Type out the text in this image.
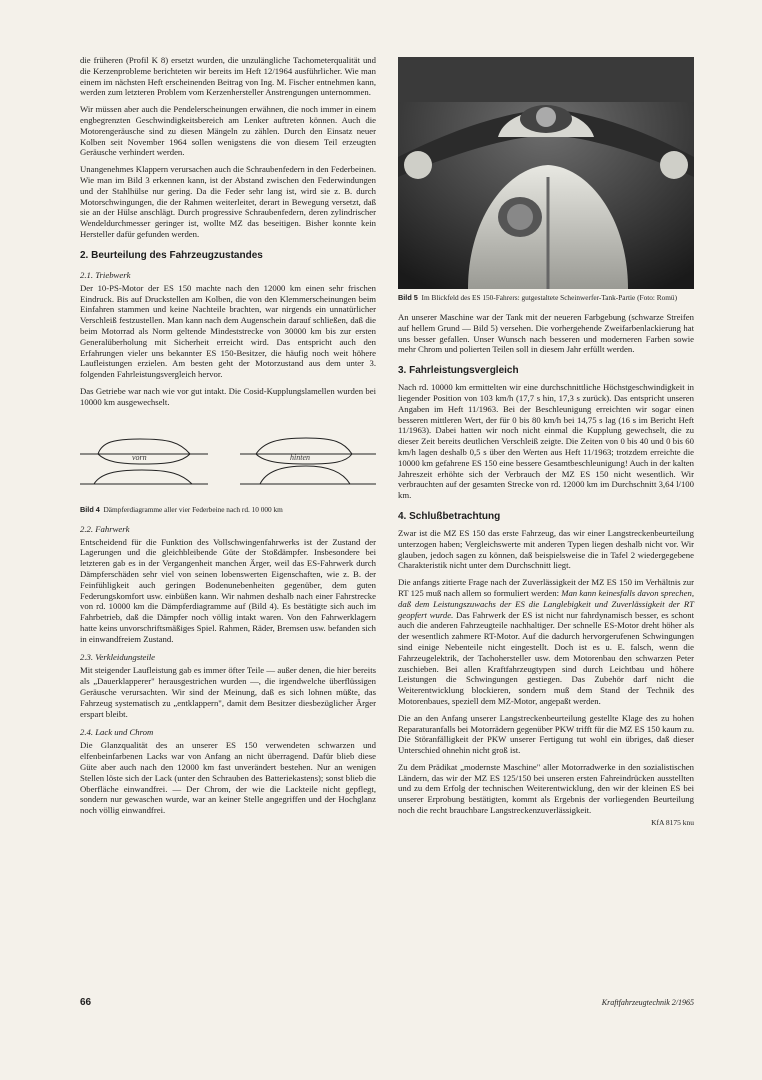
die früheren (Profil K 8) ersetzt wurden, die unzulängliche Tachometerqualität und die Kerzenprobleme berichteten wir bereits im Heft 12/1964 ausführlicher. Wie man einem im nächsten Heft erscheinenden Beitrag von Ing. M. Fischer entnehmen kann, werden zum letzteren Problem vom Kerzenhersteller Anstrengungen unternommen.

Wir müssen aber auch die Pendelerscheinungen erwähnen, die noch immer in einem engbegrenzten Geschwindigkeitsbereich am Lenker auftreten können. Auch die Motorengeräusche sind zu diesen Mängeln zu zählen. Durch den Einsatz neuer Kolben seit November 1964 sollen wenigstens die von diesem Teil erzeugten Geräusche verhindert werden.

Unangenehmes Klappern verursachen auch die Schraubenfedern in den Federbeinen. Wie man im Bild 3 erkennen kann, ist der Abstand zwischen den Federwindungen und der Stahlhülse nur gering. Da die Feder sehr lang ist, wird sie z. B. durch Motorschwingungen, die der Rahmen weiterleitet, derart in Bewegung versetzt, daß sie an der Hülse anschlägt. Durch progressive Schraubenfedern, deren zylindrischer Wendeldurchmesser geringer ist, wollte MZ das beseitigen. Bisher konnte kein Hersteller dafür gefunden werden.

2. Beurteilung des Fahrzeugzustandes
2.1. Triebwerk

Der 10-PS-Motor der ES 150 machte nach den 12000 km einen sehr frischen Eindruck. Bis auf Druckstellen am Kolben, die von den Klemmerscheinungen beim Einfahren stammen und keine Nachteile brachten, war nirgends ein unnatürlicher Verschleiß festzustellen. Man kann nach dem Augenschein darauf schließen, daß die beim Motorrad als Norm geltende Mindeststrecke von 30000 km bis zur ersten Generalüberholung mit Sicherheit erreicht wird. Das entspricht auch den Erfahrungen vieler uns bekannter ES 150-Besitzer, die häufig noch weit höhere Laufleistungen erzielen. Am besten geht der Motorzustand aus dem unter 3. folgenden Fahrleistungsvergleich hervor.

Das Getriebe war nach wie vor gut intakt. Die Cosid-Kupplungslamellen wurden bei 10000 km ausgewechselt.

vorn	hinten

Bild 4 Dämpferdiagramme aller vier Federbeine nach rd. 10 000 km

2.2. Fahrwerk

Entscheidend für die Funktion des Vollschwingenfahrwerks ist der Zustand der Lagerungen und die gleichbleibende Güte der Stoßdämpfer. Insbesondere bei letzteren gab es in der Vergangenheit manchen Ärger, weil das ES-Fahrwerk durch Dämpferschäden sehr viel von seinen lobenswerten Eigenschaften, wie z. B. der Feinfühligkeit auch geringen Bodenunebenheiten gegenüber, dem guten Federungskomfort usw. einbüßen kann. Wir nahmen deshalb nach einer Fahrstrecke von rd. 10000 km die Dämpferdiagramme auf (Bild 4). Es bestätigte sich auch im Fahrbetrieb, daß die Dämpfer noch völlig intakt waren. Von den Fahrwerklagern hatte keins unvorschriftsmäßiges Spiel. Rahmen, Räder, Bremsen usw. befanden sich in einwandfreiem Zustand.

2.3. Verkleidungsteile

Mit steigender Laufleistung gab es immer öfter Teile — außer denen, die hier bereits als „Dauerklapperer" herausgestrichen wurden —, die irgendwelche überflüssigen Geräusche verursachten. Wir sind der Meinung, daß es sich lohnen müßte, das Fahrzeug systematisch zu „entklappern", damit dem Besitzer diesbezüglicher Ärger erspart bleibt.

2.4. Lack und Chrom

Die Glanzqualität des an unserer ES 150 verwendeten schwarzen und elfenbeinfarbenen Lacks war von Anfang an nicht überragend. Dafür blieb diese Güte aber auch nach den 12000 km fast unverändert bestehen. Nur an wenigen Stellen löste sich der Lack (unter den Schrauben des Batteriekastens); sonst blieb die Oberfläche einwandfrei. — Der Chrom, der wie die Lackteile nicht gepflegt, sondern nur gewaschen wurde, war an keiner Stelle angegriffen und der Hochglanz noch völlig einwandfrei.

Bild 5 Im Blickfeld des ES 150-Fahrers: gutgestaltete Scheinwerfer-Tank-Partie (Foto: Romü)

An unserer Maschine war der Tank mit der neueren Farbgebung (schwarze Streifen auf hellem Grund — Bild 5) versehen. Die vorhergehende Zweifarbenlackierung hat uns besser gefallen. Unser Wunsch nach besseren und moderneren Farben sowie mehr Chrom und polierten Teilen soll in diesem Jahr erfüllt werden.

3. Fahrleistungsvergleich

Nach rd. 10000 km ermittelten wir eine durchschnittliche Höchstgeschwindigkeit in liegender Position von 103 km/h (17,7 s hin, 17,3 s zurück). Das entspricht unseren Angaben im Heft 11/1963. Bei der Beschleunigung erreichten wir sogar einen besseren mittleren Wert, der für 0 bis 80 km/h bei 14,75 s lag (16 s im Bericht Heft 11/1963). Dabei hatten wir noch nicht einmal die Kupplung gewechselt, die zu dieser Zeit bereits deutlichen Verschleiß zeigte. Die Zeiten von 0 bis 40 und 0 bis 60 km/h lagen deshalb 0,5 s über den Werten aus Heft 11/1963; trotzdem erreichte die 10000 km gefahrene ES 150 eine bessere Gesamtbeschleunigung! Auch in der kalten Jahreszeit erhöhte sich der Verbrauch der MZ ES 150 nicht wesentlich. Wir verbrauchten auf der gesamten Strecke von rd. 12000 km im Durchschnitt 3,64 l/100 km.

4. Schlußbetrachtung

Zwar ist die MZ ES 150 das erste Fahrzeug, das wir einer Langstreckenbeurteilung unterzogen haben; Vergleichswerte mit anderen Typen liegen deshalb nicht vor. Wir glauben, jedoch sagen zu können, daß beispielsweise die in Tafel 2 wiedergegebene Charakteristik nicht unter dem Durchschnitt liegt.

Die anfangs zitierte Frage nach der Zuverlässigkeit der MZ ES 150 im Verhältnis zur RT 125 muß nach allem so formuliert werden: Man kann keinesfalls davon sprechen, daß dem Leistungszuwachs der ES die Langlebigkeit und Zuverlässigkeit der RT geopfert wurde. Das Fahrwerk der ES ist nicht nur fahrdynamisch besser, es schont auch die anderen Fahrzeugteile nachhaltiger. Der schnelle ES-Motor dreht höher als der wesentlich zahmere RT-Motor. Auf die dadurch hervorgerufenen Schwingungen sind einige Nebenteile nicht eingestellt. Doch ist es u. E. falsch, wenn die Fahrzeugelektrik, der Tachohersteller usw. dem Motorenbau den schwarzen Peter zuschieben. Bei allen Kraftfahrzeugtypen sind durch Leichtbau und höhere Leistungen die Schwingungen gestiegen. Das Zubehör darf nicht die Weiterentwicklung blockieren, sondern muß dem Stand der Technik des Motorenbaues, speziell dem MZ-Motor, angepaßt werden.

Die an den Anfang unserer Langstreckenbeurteilung gestellte Klage des zu hohen Reparaturanfalls bei Motorrädern gegenüber PKW trifft für die MZ ES 150 kaum zu. Die Störanfälligkeit der PKW unserer Fertigung tut wohl ein übriges, daß dieser Unterschied ohnehin nicht groß ist.

Zu dem Prädikat „modernste Maschine" aller Motorradwerke in den sozialistischen Ländern, das wir der MZ ES 125/150 bei unseren ersten Fahreindrücken ausstellten und zu dem Erfolg der technischen Weiterentwicklung, den wir der kleinen ES bei unserer Erprobung bestätigten, kommt als Ergebnis der vorliegenden Beurteilung noch die recht brauchbare Langstreckenzuverlässigkeit.

KfA 8175 knu
66	Kraftfahrzeugtechnik 2/1965
